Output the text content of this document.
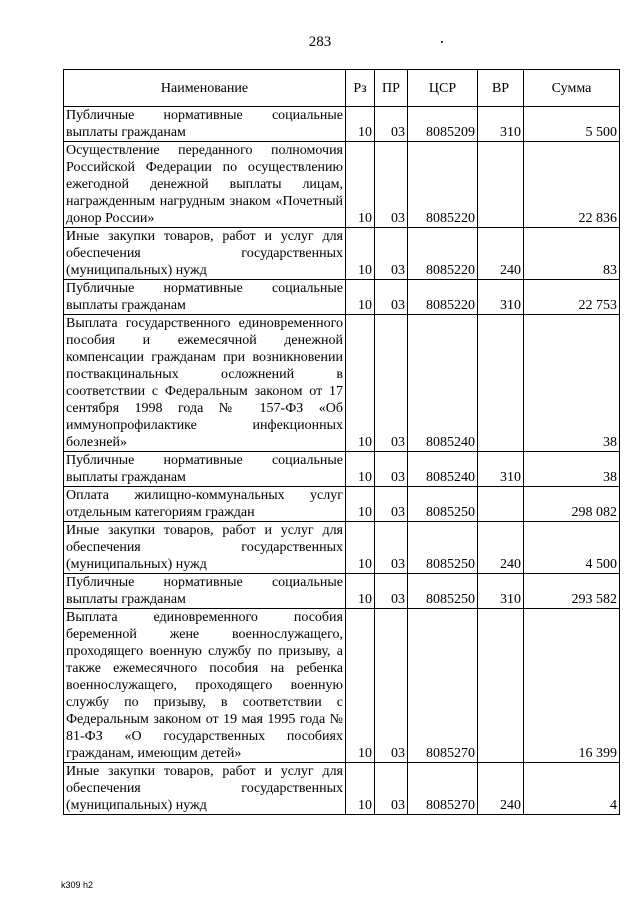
283
Наименование	Рз	ПР	ЦСР	ВР	Сумма
Публичные нормативные социальные выплаты гражданам	10	03	8085209	310	5 500
Осуществление переданного полномочия Российской Федерации по осуществлению ежегодной денежной выплаты лицам, награжденным нагрудным знаком «Почетный донор России»	10	03	8085220		22 836
Иные закупки товаров, работ и услуг для обеспечения государственных (муниципальных) нужд	10	03	8085220	240	83
Публичные нормативные социальные выплаты гражданам	10	03	8085220	310	22 753
Выплата государственного единовременного пособия и ежемесячной денежной компенсации гражданам при возникновении поствакцинальных осложнений в соответствии с Федеральным законом от 17 сентября 1998 года № 157-ФЗ «Об иммунопрофилактике инфекционных болезней»	10	03	8085240		38
Публичные нормативные социальные выплаты гражданам	10	03	8085240	310	38
Оплата жилищно-коммунальных услуг отдельным категориям граждан	10	03	8085250		298 082
Иные закупки товаров, работ и услуг для обеспечения государственных (муниципальных) нужд	10	03	8085250	240	4 500
Публичные нормативные социальные выплаты гражданам	10	03	8085250	310	293 582
Выплата единовременного пособия беременной жене военнослужащего, проходящего военную службу по призыву, а также ежемесячного пособия на ребенка военнослужащего, проходящего военную службу по призыву, в соответствии с Федеральным законом от 19 мая 1995 года № 81-ФЗ «О государственных пособиях гражданам, имеющим детей»	10	03	8085270		16 399
Иные закупки товаров, работ и услуг для обеспечения государственных (муниципальных) нужд	10	03	8085270	240	4
k309 h2
